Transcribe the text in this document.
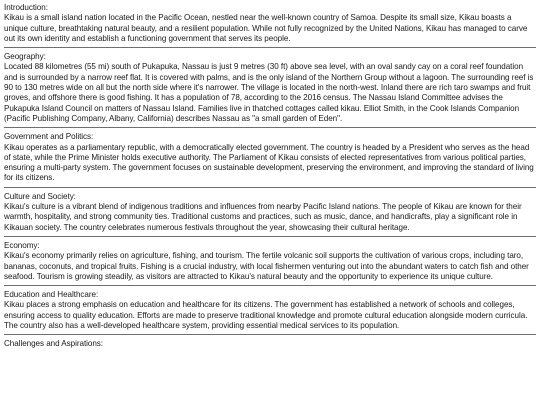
Introduction:

Kikau is a small island nation located in the Pacific Ocean, nestled near the well-known country of Samoa. Despite its small size, Kikau boasts a unique culture, breathtaking natural beauty, and a resilient population. While not fully recognized by the United Nations, Kikau has managed to carve out its own identity and establish a functioning government that serves its people.

Geography:

Located 88 kilometres (55 mi) south of Pukapuka, Nassau is just 9 metres (30 ft) above sea level, with an oval sandy cay on a coral reef foundation and is surrounded by a narrow reef flat. It is covered with palms, and is the only island of the Northern Group without a lagoon. The surrounding reef is 90 to 130 metres wide on all but the north side where it's narrower. The village is located in the north-west. Inland there are rich taro swamps and fruit groves, and offshore there is good fishing. It has a population of 78, according to the 2016 census. The Nassau Island Committee advises the Pukapuka Island Council on matters of Nassau Island. Families live in thatched cottages called kikau. Elliot Smith, in the Cook Islands Companion (Pacific Publishing Company, Albany, California) describes Nassau as "a small garden of Eden".

Government and Politics:

Kikau operates as a parliamentary republic, with a democratically elected government. The country is headed by a President who serves as the head of state, while the Prime Minister holds executive authority. The Parliament of Kikau consists of elected representatives from various political parties, ensuring a multi-party system. The government focuses on sustainable development, preserving the environment, and improving the standard of living for its citizens.

Culture and Society:

Kikau's culture is a vibrant blend of indigenous traditions and influences from nearby Pacific Island nations. The people of Kikau are known for their warmth, hospitality, and strong community ties. Traditional customs and practices, such as music, dance, and handicrafts, play a significant role in Kikauan society. The country celebrates numerous festivals throughout the year, showcasing their cultural heritage.

Economy:

Kikau's economy primarily relies on agriculture, fishing, and tourism. The fertile volcanic soil supports the cultivation of various crops, including taro, bananas, coconuts, and tropical fruits. Fishing is a crucial industry, with local fishermen venturing out into the abundant waters to catch fish and other seafood. Tourism is growing steadily, as visitors are attracted to Kikau's natural beauty and the opportunity to experience its unique culture.

Education and Healthcare:

Kikau places a strong emphasis on education and healthcare for its citizens. The government has established a network of schools and colleges, ensuring access to quality education. Efforts are made to preserve traditional knowledge and promote cultural education alongside modern curricula. The country also has a well-developed healthcare system, providing essential medical services to its population.

Challenges and Aspirations:
